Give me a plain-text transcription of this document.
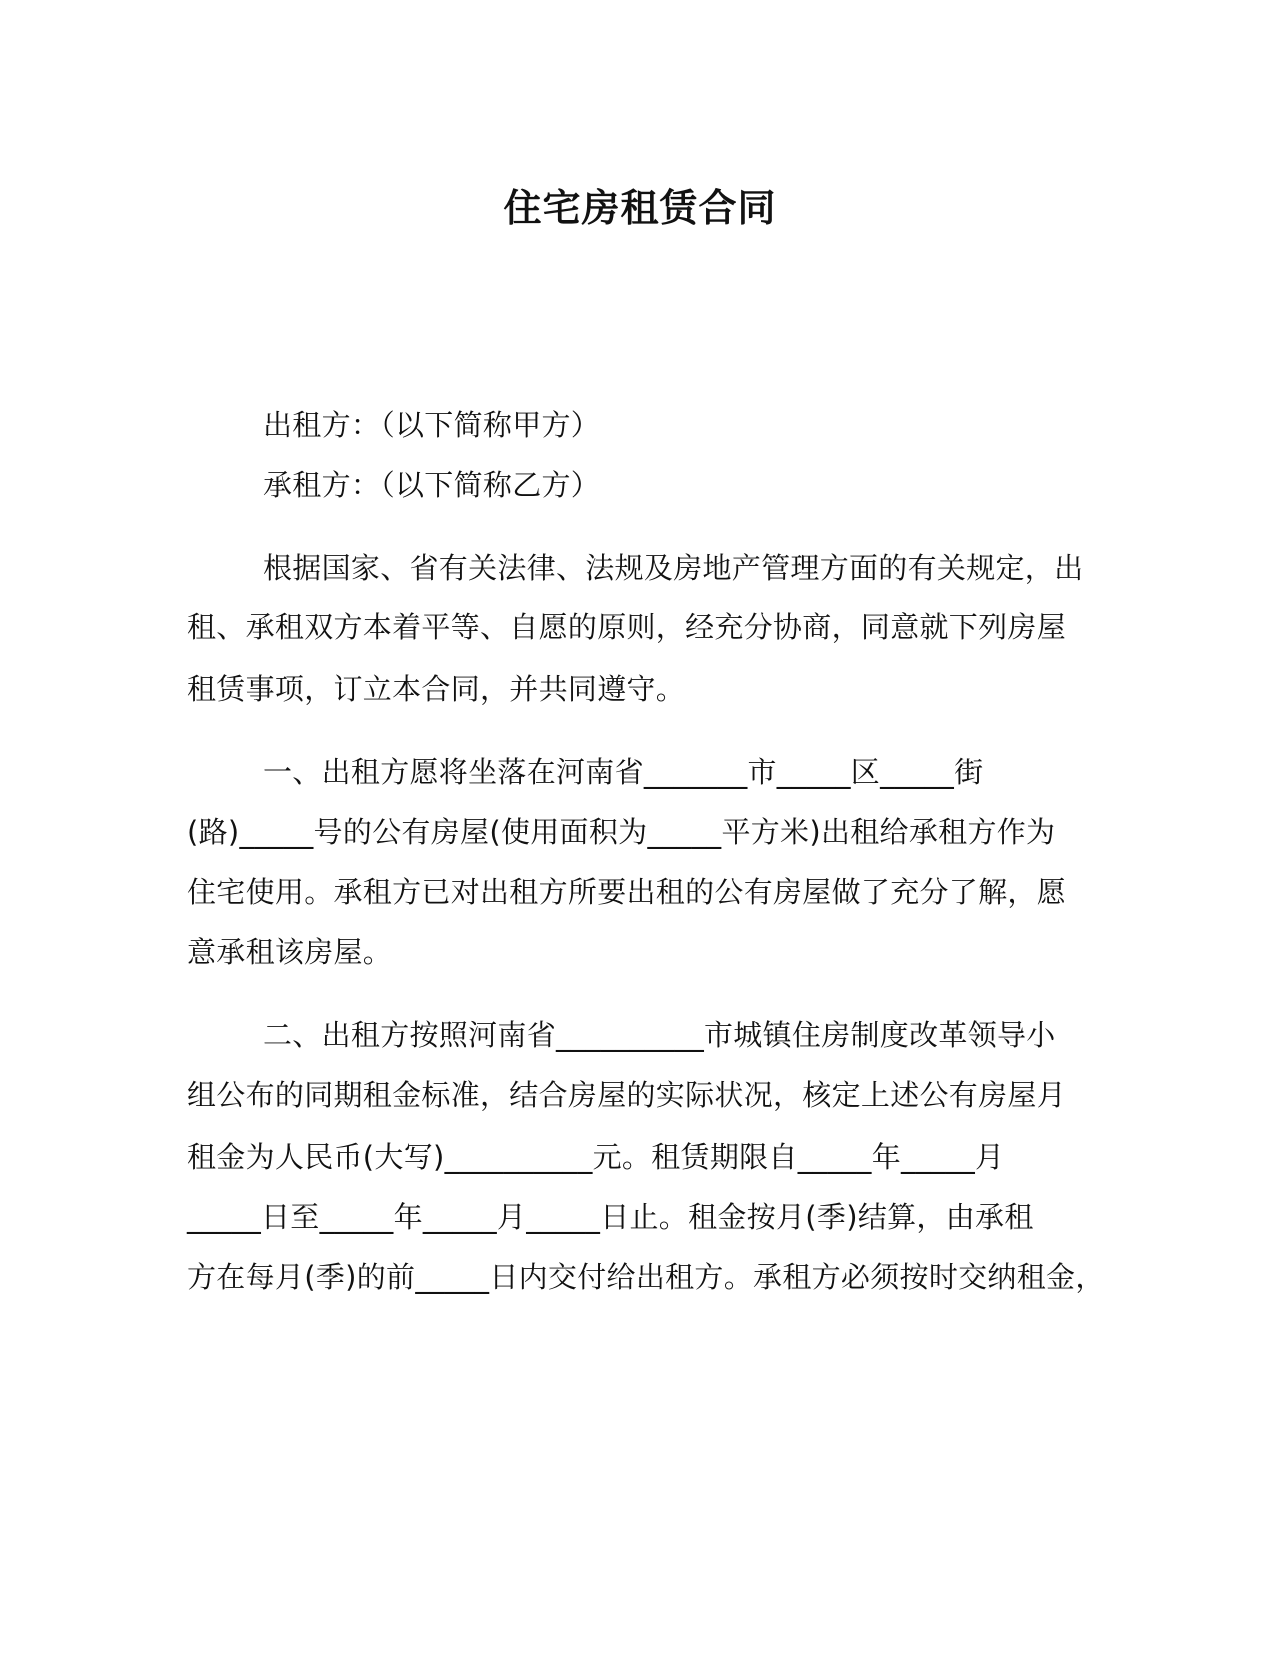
住宅房租赁合同
出租方：（以下简称甲方）
承租方：（以下简称乙方）
根据国家、省有关法律、法规及房地产管理方面的有关规定，出
租、承租双方本着平等、自愿的原则，经充分协商，同意就下列房屋
租赁事项，订立本合同，并共同遵守。
一、出租方愿将坐落在河南省_______市_____区_____街
(路)_____号的公有房屋(使用面积为_____平方米)出租给承租方作为
住宅使用。承租方已对出租方所要出租的公有房屋做了充分了解，愿
意承租该房屋。
二、出租方按照河南省__________市城镇住房制度改革领导小
组公布的同期租金标准，结合房屋的实际状况，核定上述公有房屋月
租金为人民币(大写)__________元。租赁期限自_____年_____月
_____日至_____年_____月_____日止。租金按月(季)结算，由承租
方在每月(季)的前_____日内交付给出租方。承租方必须按时交纳租金，
